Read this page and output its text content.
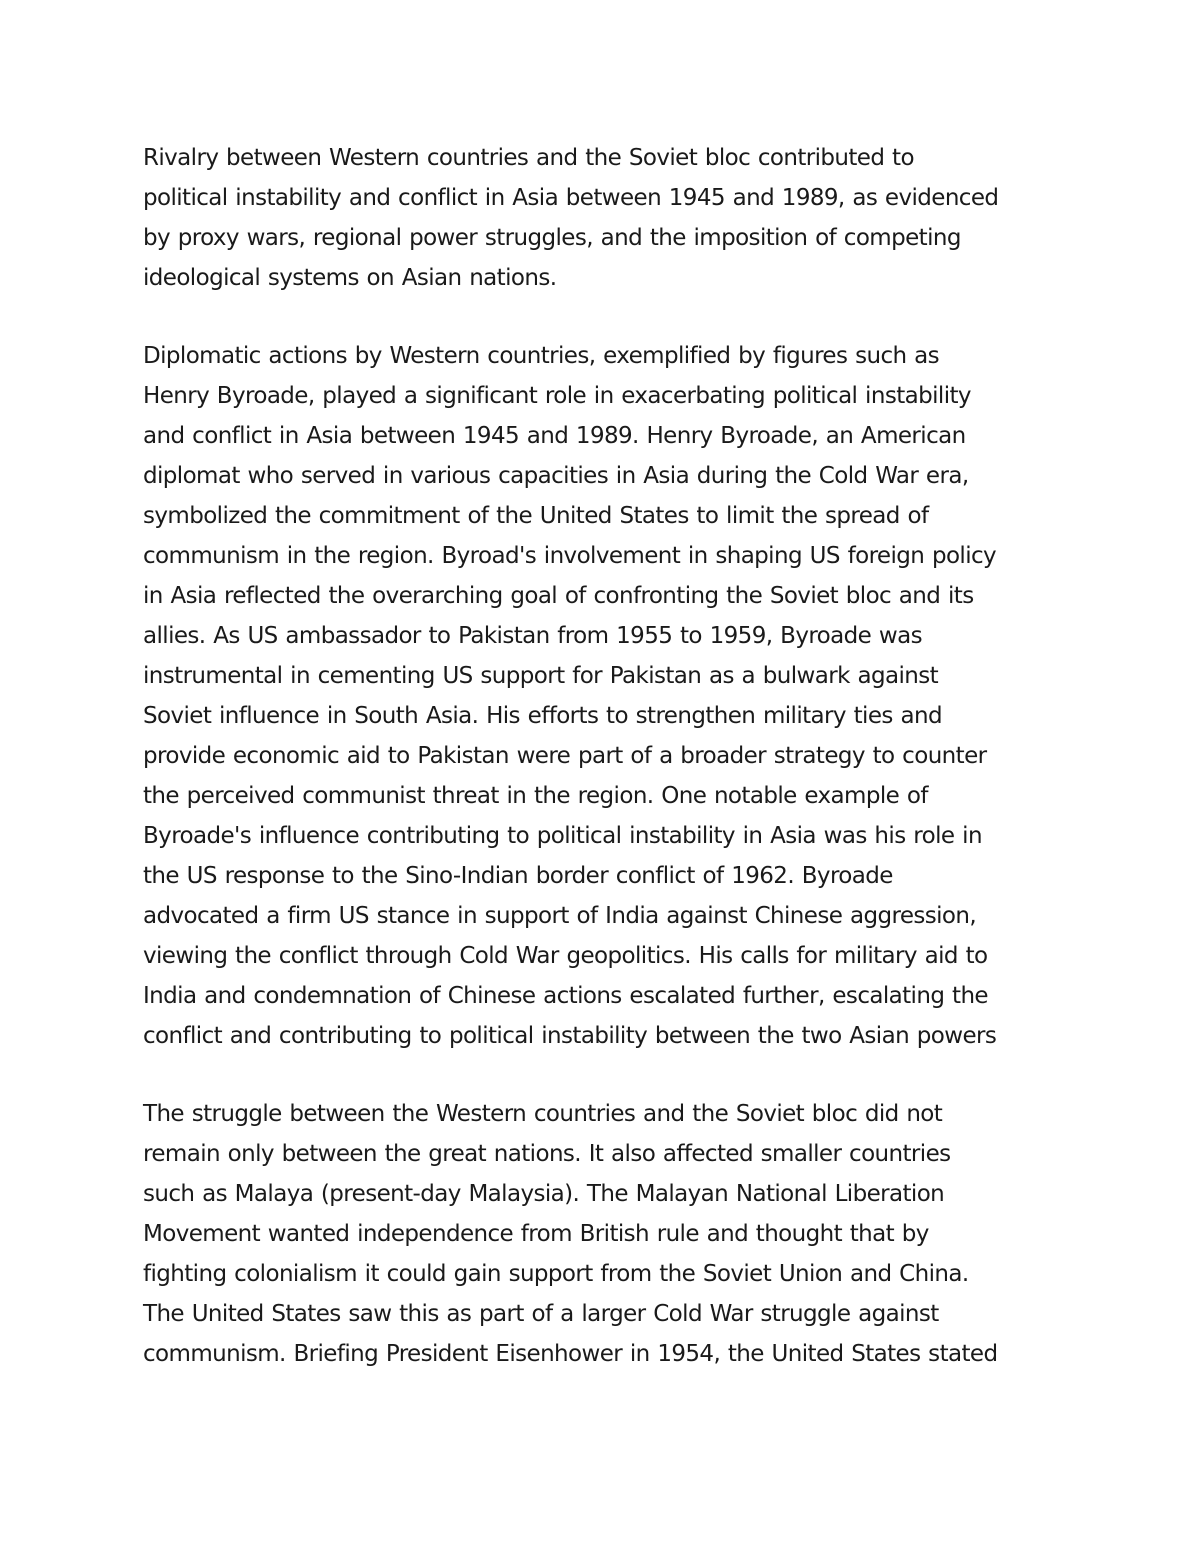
Rivalry between Western countries and the Soviet bloc contributed to
political instability and conflict in Asia between 1945 and 1989, as evidenced
by proxy wars, regional power struggles, and the imposition of competing
ideological systems on Asian nations.
Diplomatic actions by Western countries, exemplified by figures such as
Henry Byroade, played a significant role in exacerbating political instability
and conflict in Asia between 1945 and 1989. Henry Byroade, an American
diplomat who served in various capacities in Asia during the Cold War era,
symbolized the commitment of the United States to limit the spread of
communism in the region. Byroad's involvement in shaping US foreign policy
in Asia reflected the overarching goal of confronting the Soviet bloc and its
allies. As US ambassador to Pakistan from 1955 to 1959, Byroade was
instrumental in cementing US support for Pakistan as a bulwark against
Soviet influence in South Asia. His efforts to strengthen military ties and
provide economic aid to Pakistan were part of a broader strategy to counter
the perceived communist threat in the region. One notable example of
Byroade's influence contributing to political instability in Asia was his role in
the US response to the Sino-Indian border conflict of 1962. Byroade
advocated a firm US stance in support of India against Chinese aggression,
viewing the conflict through Cold War geopolitics. His calls for military aid to
India and condemnation of Chinese actions escalated further, escalating the
conflict and contributing to political instability between the two Asian powers
The struggle between the Western countries and the Soviet bloc did not
remain only between the great nations. It also affected smaller countries
such as Malaya (present-day Malaysia). The Malayan National Liberation
Movement wanted independence from British rule and thought that by
fighting colonialism it could gain support from the Soviet Union and China.
The United States saw this as part of a larger Cold War struggle against
communism. Briefing President Eisenhower in 1954, the United States stated
